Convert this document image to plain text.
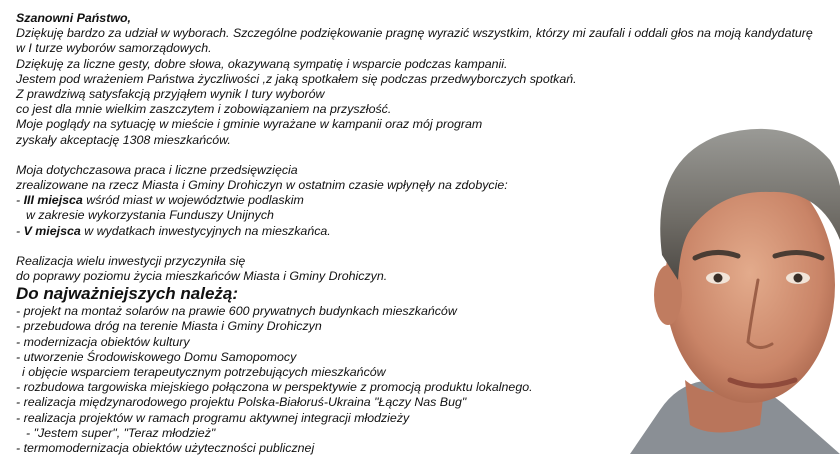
Szanowni Państwo,

Dziękuję bardzo za udział w wyborach. Szczególne podziękowanie pragnę wyrazić wszystkim, którzy mi zaufali i oddali głos na moją kandydaturę

w I turze wyborów samorządowych.

Dziękuję za liczne gesty, dobre słowa, okazywaną sympatię i wsparcie podczas kampanii.

Jestem pod wrażeniem Państwa życzliwości ,z jaką spotkałem się podczas przedwyborczych spotkań.

Z prawdziwą satysfakcją przyjąłem wynik I tury wyborów

co jest dla mnie wielkim zaszczytem i zobowiązaniem na przyszłość.

Moje poglądy na sytuację w mieście i gminie wyrażane w kampanii oraz mój program

zyskały akceptację 1308 mieszkańców.

Moja dotychczasowa praca i liczne przedsięwzięcia

zrealizowane na rzecz Miasta i Gminy Drohiczyn w ostatnim czasie wpłynęły na zdobycie:

- III miejsca wśród miast w województwie podlaskim

w zakresie wykorzystania Funduszy Unijnych

- V miejsca w wydatkach inwestycyjnych na mieszkańca.

Realizacja wielu inwestycji przyczyniła się

do poprawy poziomu życia mieszkańców Miasta i Gminy Drohiczyn.

Do najważniejszych należą:

- projekt na montaż solarów na prawie 600 prywatnych budynkach mieszkańców

- przebudowa dróg na terenie Miasta i Gminy Drohiczyn

- modernizacja obiektów kultury

- utworzenie Środowiskowego Domu Samopomocy

i objęcie wsparciem terapeutycznym potrzebujących mieszkańców

- rozbudowa targowiska miejskiego połączona w perspektywie z promocją produktu lokalnego.

- realizacja międzynarodowego projektu Polska-Białoruś-Ukraina "Łączy Nas Bug"

- realizacja projektów w ramach programu aktywnej integracji młodzieży

- "Jestem super", "Teraz młodzież"

- termomodernizacja obiektów użyteczności publicznej
